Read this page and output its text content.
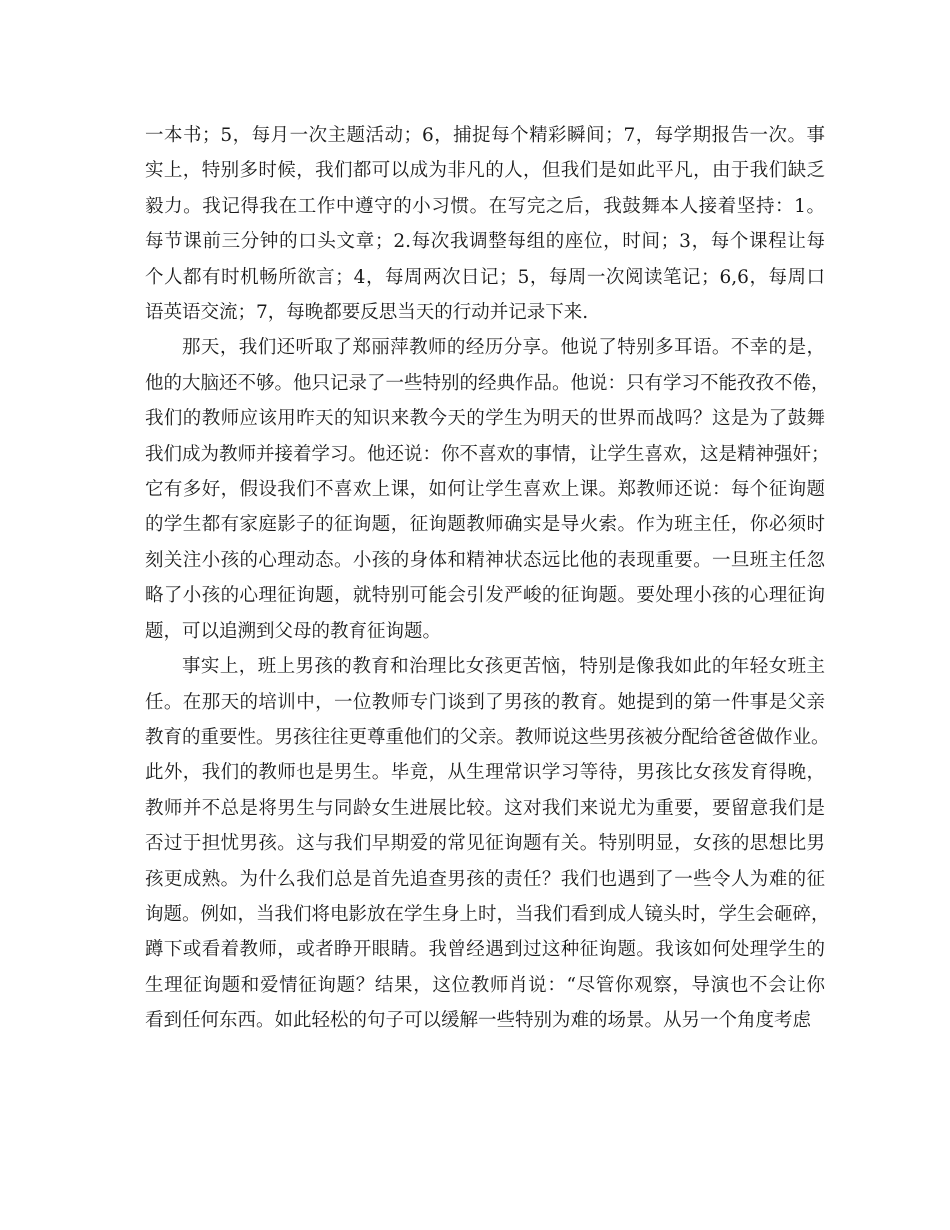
一本书；5，每月一次主题活动；6，捕捉每个精彩瞬间；7，每学期报告一次。事
实上，特别多时候，我们都可以成为非凡的人，但我们是如此平凡，由于我们缺乏
毅力。我记得我在工作中遵守的小习惯。在写完之后，我鼓舞本人接着坚持：1。
每节课前三分钟的口头文章；2.每次我调整每组的座位，时间；3，每个课程让每
个人都有时机畅所欲言；4，每周两次日记；5，每周一次阅读笔记；6,6，每周口
语英语交流；7，每晚都要反思当天的行动并记录下来.

那天，我们还听取了郑丽萍教师的经历分享。他说了特别多耳语。不幸的是，
他的大脑还不够。他只记录了一些特别的经典作品。他说：只有学习不能孜孜不倦，
我们的教师应该用昨天的知识来教今天的学生为明天的世界而战吗？这是为了鼓舞
我们成为教师并接着学习。他还说：你不喜欢的事情，让学生喜欢，这是精神强奸；
它有多好，假设我们不喜欢上课，如何让学生喜欢上课。郑教师还说：每个征询题
的学生都有家庭影子的征询题，征询题教师确实是导火索。作为班主任，你必须时
刻关注小孩的心理动态。小孩的身体和精神状态远比他的表现重要。一旦班主任忽
略了小孩的心理征询题，就特别可能会引发严峻的征询题。要处理小孩的心理征询
题，可以追溯到父母的教育征询题。

事实上，班上男孩的教育和治理比女孩更苦恼，特别是像我如此的年轻女班主
任。在那天的培训中，一位教师专门谈到了男孩的教育。她提到的第一件事是父亲
教育的重要性。男孩往往更尊重他们的父亲。教师说这些男孩被分配给爸爸做作业。
此外，我们的教师也是男生。毕竟，从生理常识学习等待，男孩比女孩发育得晚，
教师并不总是将男生与同龄女生进展比较。这对我们来说尤为重要，要留意我们是
否过于担忧男孩。这与我们早期爱的常见征询题有关。特别明显，女孩的思想比男
孩更成熟。为什么我们总是首先追查男孩的责任？我们也遇到了一些令人为难的征
询题。例如，当我们将电影放在学生身上时，当我们看到成人镜头时，学生会砸碎，
蹲下或看着教师，或者睁开眼睛。我曾经遇到过这种征询题。我该如何处理学生的
生理征询题和爱情征询题？结果，这位教师肖说：“尽管你观察，导演也不会让你
看到任何东西。如此轻松的句子可以缓解一些特别为难的场景。从另一个角度考虑
